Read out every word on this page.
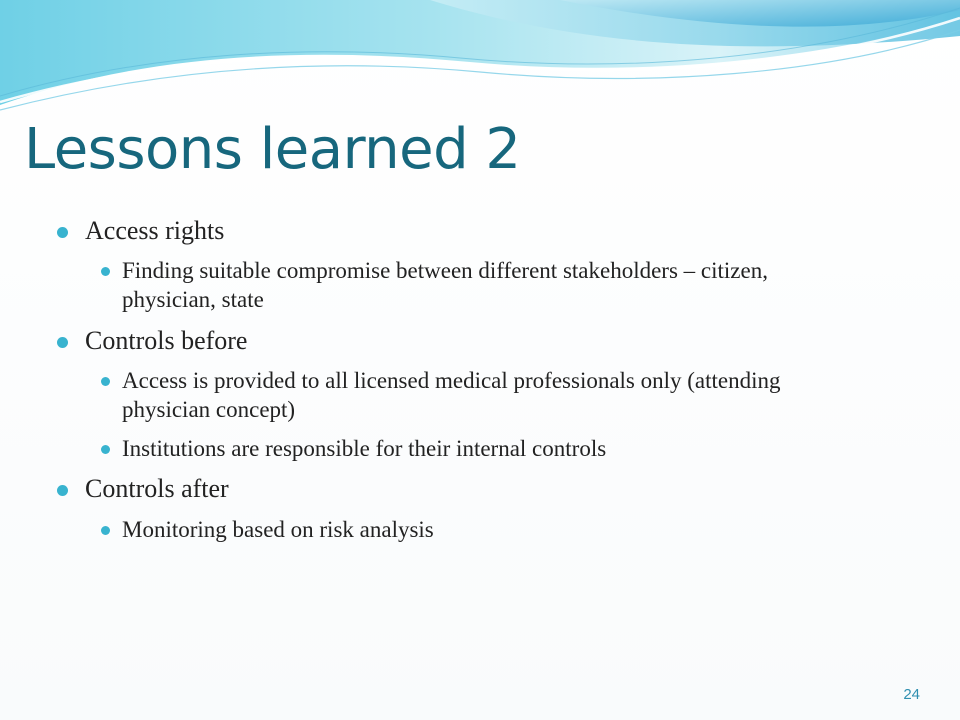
Lessons learned 2
Access rights
Finding suitable compromise between different stakeholders – citizen, physician, state
Controls before
Access is provided to all licensed medical professionals only (attending physician concept)
Institutions are responsible for their internal controls
Controls after
Monitoring based on risk analysis
24
